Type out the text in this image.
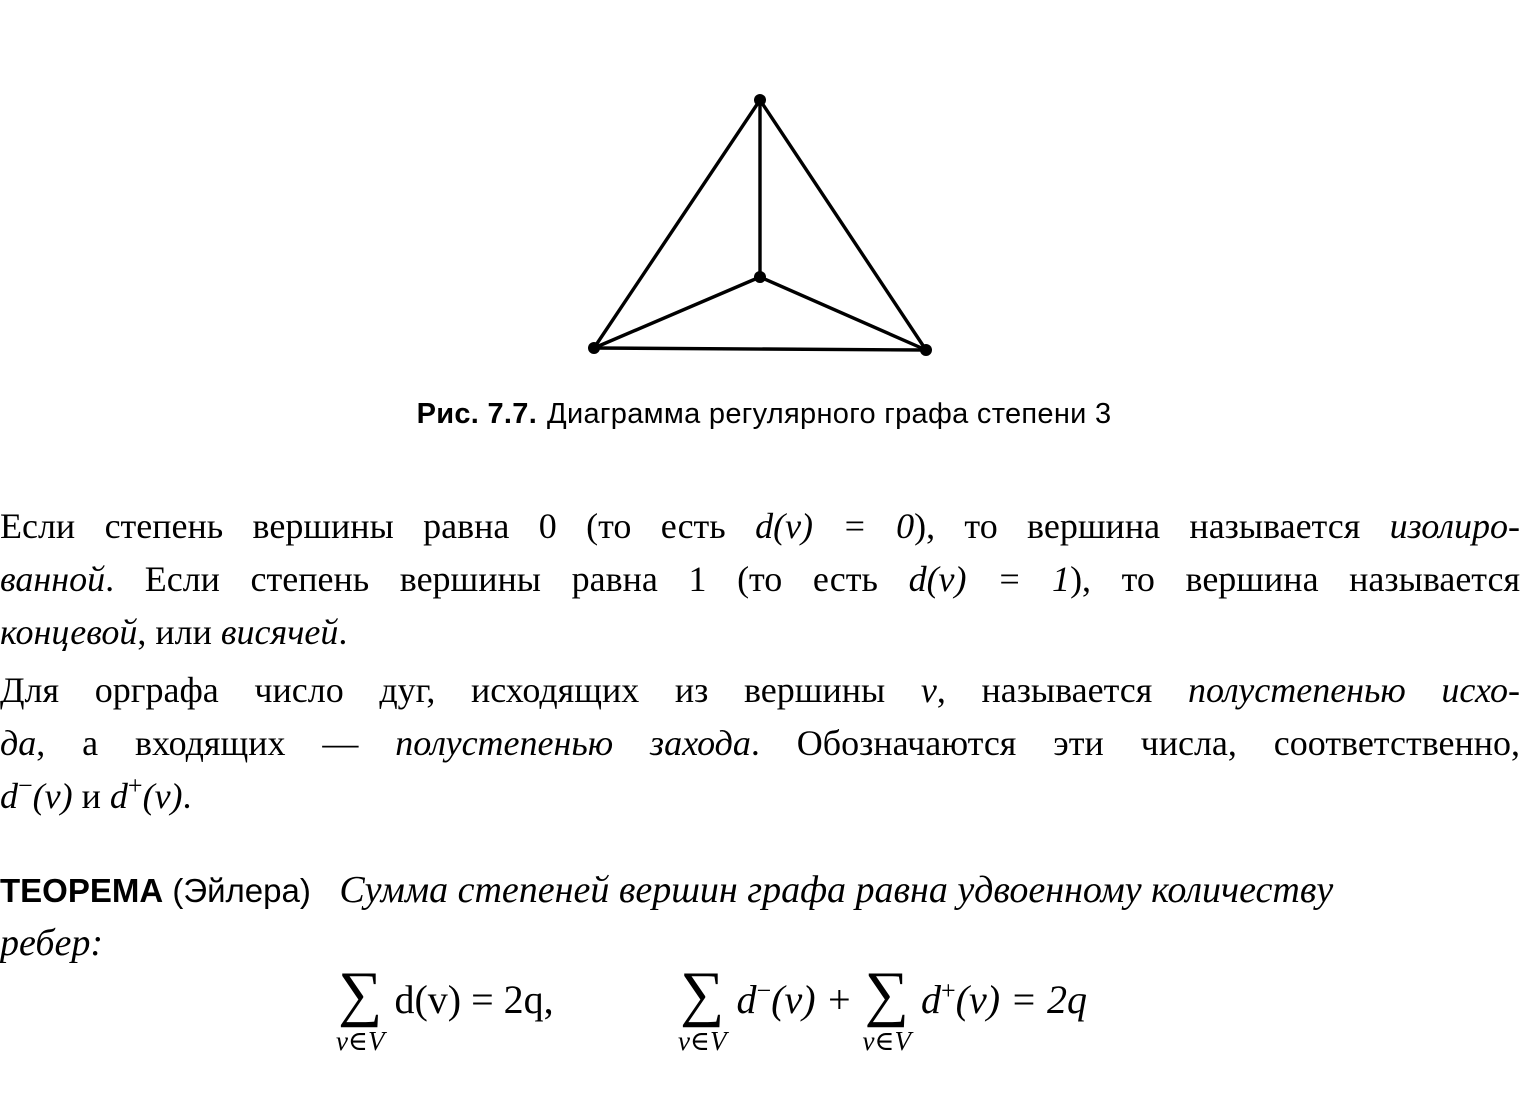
Рис. 7.7. Диаграмма регулярного графа степени 3
Если степень вершины равна 0 (то есть d(v) = 0), то вершина называется изолиро-
ванной. Если степень вершины равна 1 (то есть d(v) = 1), то вершина называется
концевой, или висячей.
Для орграфа число дуг, исходящих из вершины v, называется полустепенью исхо-
да, а входящих — полустепенью захода. Обозначаются эти числа, соответственно,
d−(v) и d+(v).
ТЕОРЕМА (Эйлера) Сумма степеней вершин графа равна удвоенному количеству
ребер:
∑
v∈V
d(v) = 2q, ∑
v∈V
d−(v) + ∑
v∈V
d+(v) = 2q
